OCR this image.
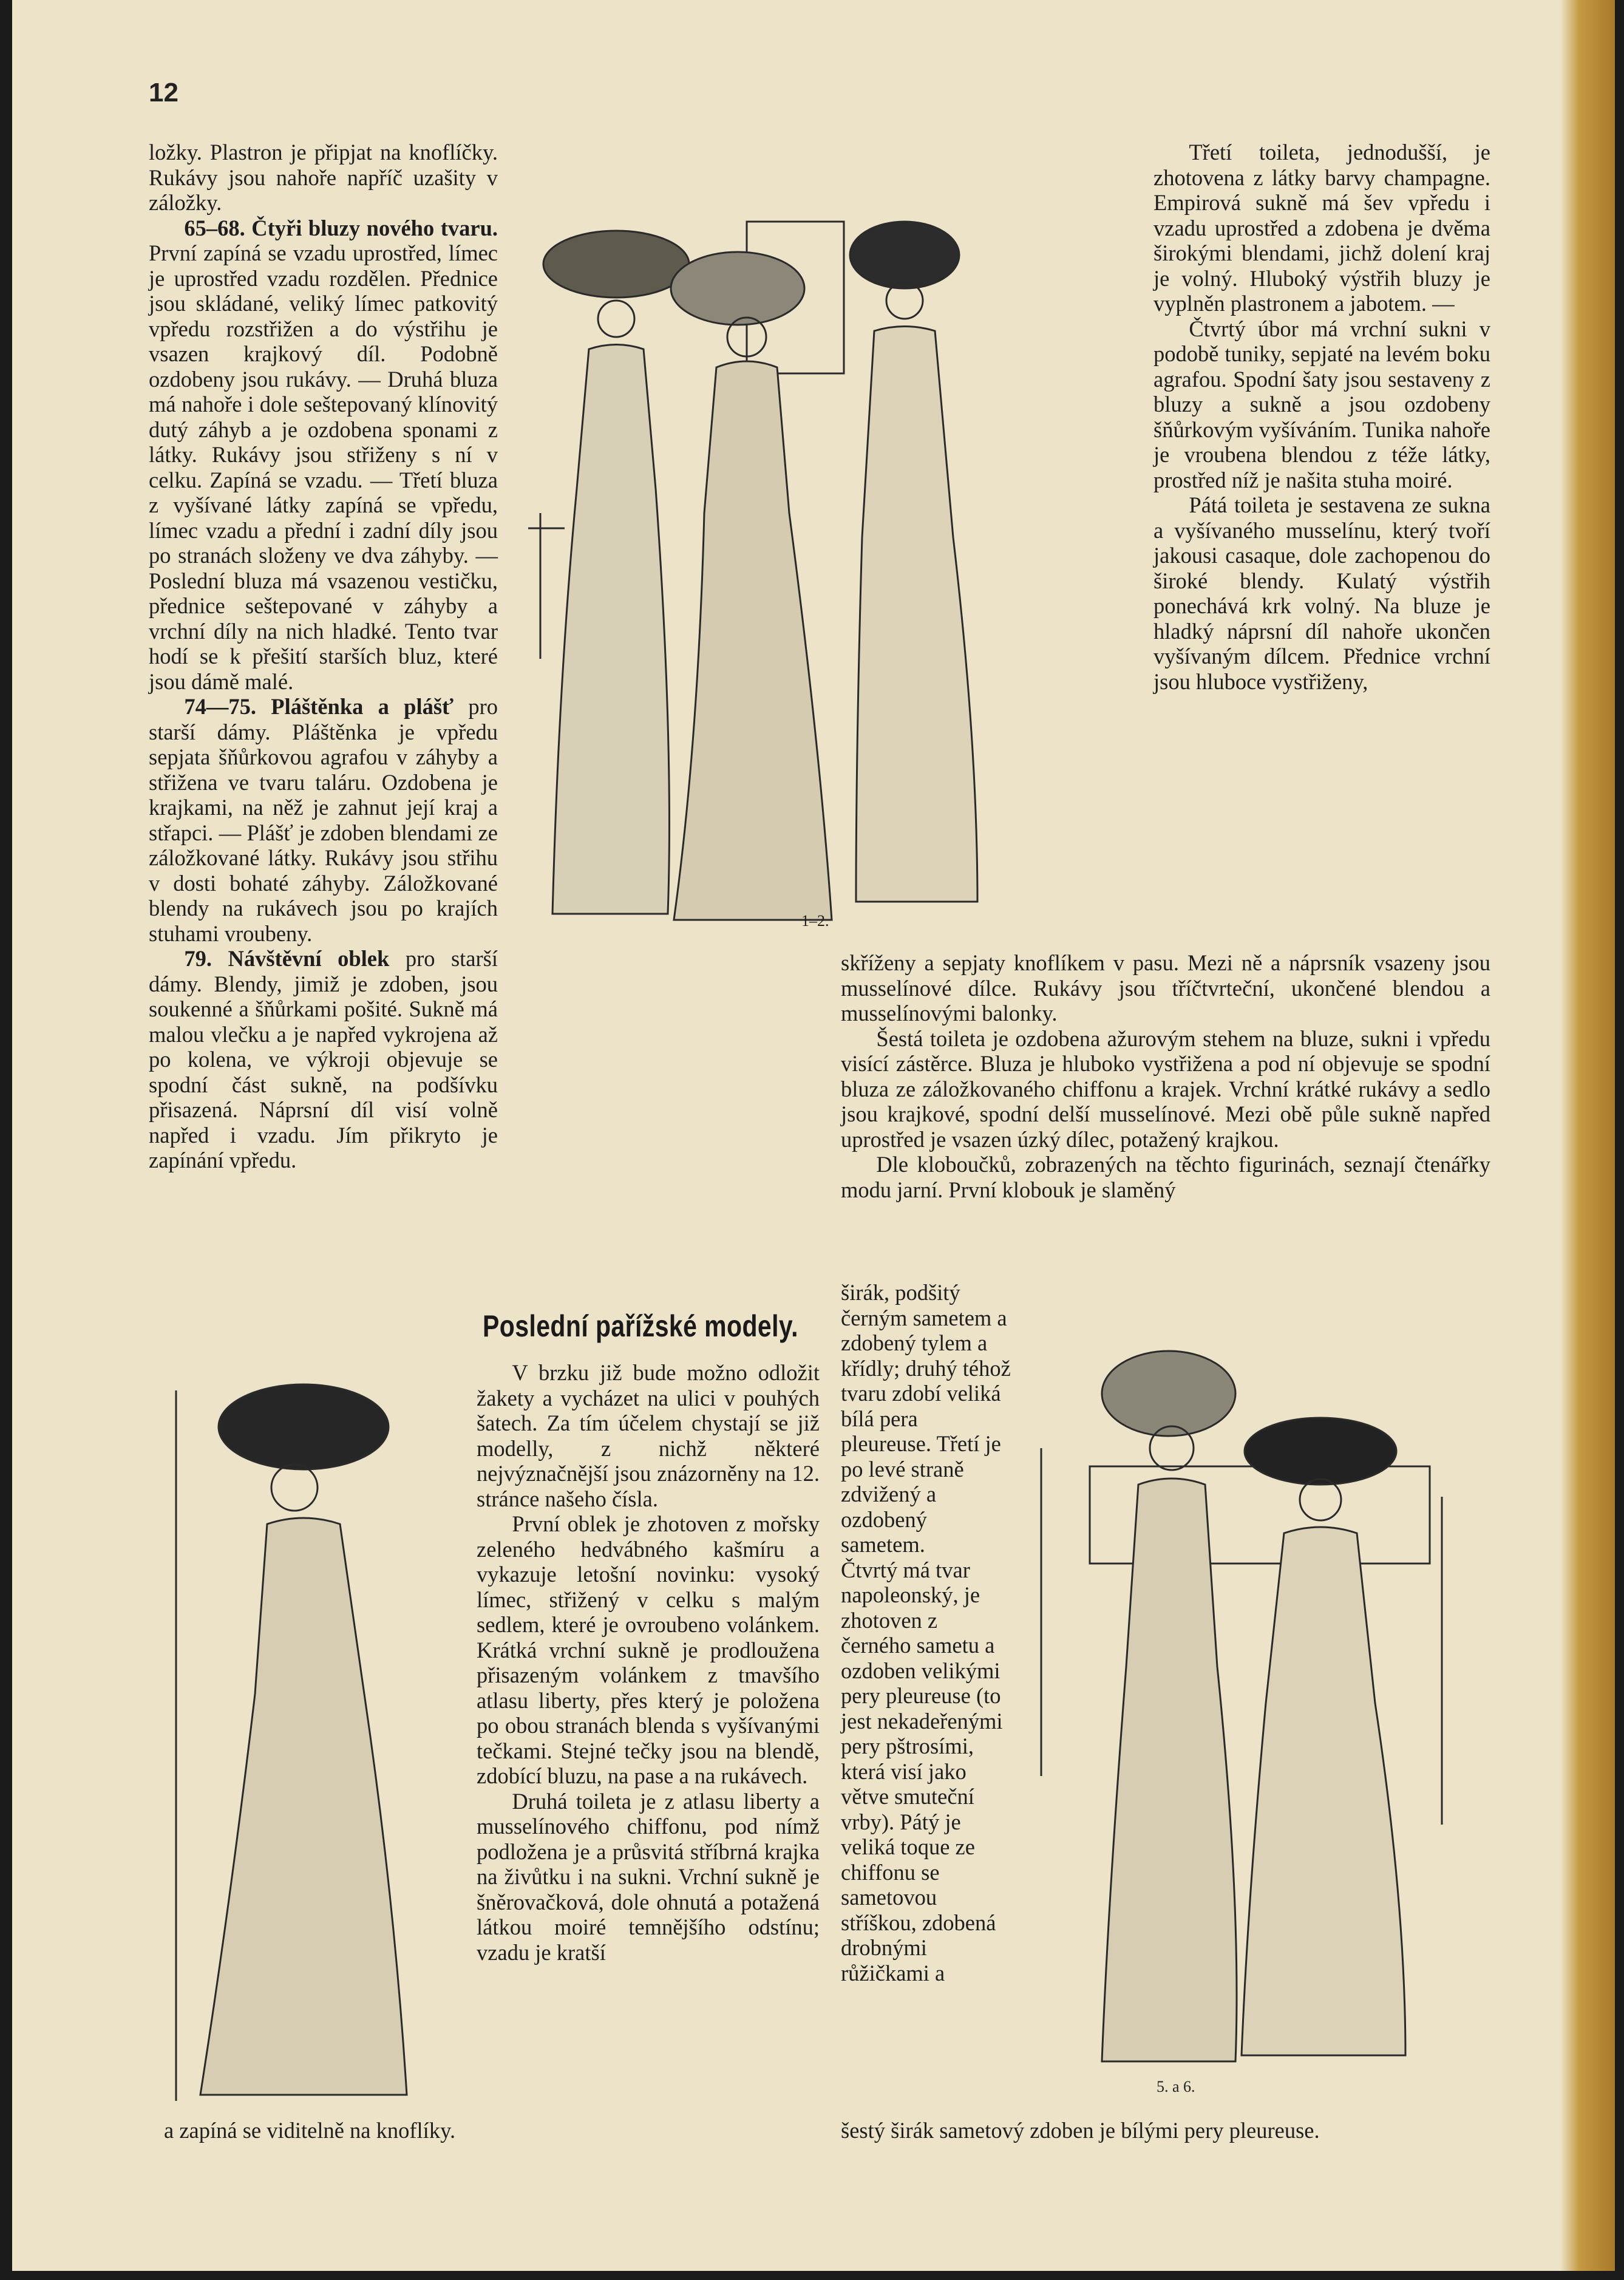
12

ložky. Plastron je připjat na knoflíčky. Rukávy jsou nahoře napříč uzašity v záložky.

65–68. Čtyři bluzy nového tvaru. První zapíná se vzadu uprostřed, límec je uprostřed vzadu rozdělen. Přednice jsou skládané, veliký límec patkovitý vpředu rozstřižen a do výstřihu je vsazen krajkový díl. Podobně ozdobeny jsou rukávy. — Druhá bluza má nahoře i dole seštepovaný klínovitý dutý záhyb a je ozdobena sponami z látky. Rukávy jsou střiženy s ní v celku. Zapíná se vzadu. — Třetí bluza z vyšívané látky zapíná se vpředu, límec vzadu a přední i zadní díly jsou po stranách složeny ve dva záhyby. — Poslední bluza má vsazenou vestičku, přednice seštepované v záhyby a vrchní díly na nich hladké. Tento tvar hodí se k přešití starších bluz, které jsou dámě malé.

74—75. Pláštěnka a plášť pro starší dámy. Pláštěnka je vpředu sepjata šňůrkovou agrafou v záhyby a střižena ve tvaru taláru. Ozdobena je krajkami, na něž je zahnut její kraj a střapci. — Plášť je zdoben blendami ze záložkované látky. Rukávy jsou střihu v dosti bohaté záhyby. Záložkované blendy na rukávech jsou po krajích stuhami vroubeny.

79. Návštěvní oblek pro starší dámy. Blendy, jimiž je zdoben, jsou soukenné a šňůrkami pošité. Sukně má malou vlečku a je napřed vykrojena až po kolena, ve výkroji objevuje se spodní část sukně, na podšívku přisazená. Náprsní díl visí volně napřed i vzadu. Jím přikryto je zapínání vpředu.

1–2.

Třetí toileta, jednodušší, je zhotovena z látky barvy champagne. Empirová sukně má šev vpředu i vzadu uprostřed a zdobena je dvěma širokými blendami, jichž dolení kraj je volný. Hluboký výstřih bluzy je vyplněn plastronem a jabotem. —

Čtvrtý úbor má vrchní sukni v podobě tuniky, sepjaté na levém boku agrafou. Spodní šaty jsou sestaveny z bluzy a sukně a jsou ozdobeny šňůrkovým vyšíváním. Tunika nahoře je vroubena blendou z téže látky, prostřed níž je našita stuha moiré.

Pátá toileta je sestavena ze sukna a vyšívaného musselínu, který tvoří jakousi casaque, dole zachopenou do široké blendy. Kulatý výstřih ponechává krk volný. Na bluze je hladký náprsní díl nahoře ukončen vyšívaným dílcem. Přednice vrchní jsou hluboce vystřiženy,

skříženy a sepjaty knoflíkem v pasu. Mezi ně a náprsník vsazeny jsou musselínové dílce. Rukávy jsou tříčtvrteční, ukončené blendou a musselínovými balonky.

Šestá toileta je ozdobena ažurovým stehem na bluze, sukni i vpředu visící zástěrce. Bluza je hluboko vystřižena a pod ní objevuje se spodní bluza ze záložkovaného chiffonu a krajek. Vrchní krátké rukávy a sedlo jsou krajkové, spodní delší musselínové. Mezi obě půle sukně napřed uprostřed je vsazen úzký dílec, potažený krajkou.

Dle kloboučků, zobrazených na těchto figurinách, seznají čtenářky modu jarní. První klobouk je slaměný

Poslední pařížské modely.

V brzku již bude možno odložit žakety a vycházet na ulici v pouhých šatech. Za tím účelem chystají se již modelly, z nichž některé nejvýznačnější jsou znázorněny na 12. stránce našeho čísla.

První oblek je zhotoven z mořsky zeleného hedvábného kašmíru a vykazuje letošní novinku: vysoký límec, střižený v celku s malým sedlem, které je ovroubeno volánkem. Krátká vrchní sukně je prodloužena přisazeným volánkem z tmavšího atlasu liberty, přes který je položena po obou stranách blenda s vyšívanými tečkami. Stejné tečky jsou na blendě, zdobící bluzu, na pase a na rukávech.

Druhá toileta je z atlasu liberty a musselínového chiffonu, pod nímž podložena je a průsvitá stříbrná krajka na živůtku i na sukni. Vrchní sukně je šněrovačková, dole ohnutá a potažená látkou moiré temnějšího odstínu; vzadu je kratší

a zapíná se viditelně na knoflíky.

širák, podšitý černým sametem a zdobený tylem a křídly; druhý téhož tvaru zdobí veliká bílá pera pleureuse. Třetí je po levé straně zdvižený a ozdobený sametem.

Čtvrtý má tvar napoleonský, je zhotoven z černého sametu a ozdoben velikými pery pleureuse (to jest nekadeřenými pery pštrosími, která visí jako větve smuteční vrby). Pátý je veliká toque ze chiffonu se sametovou stříškou, zdobená drobnými růžičkami a

šestý širák sametový zdoben je bílými pery pleureuse.

5. a 6.
